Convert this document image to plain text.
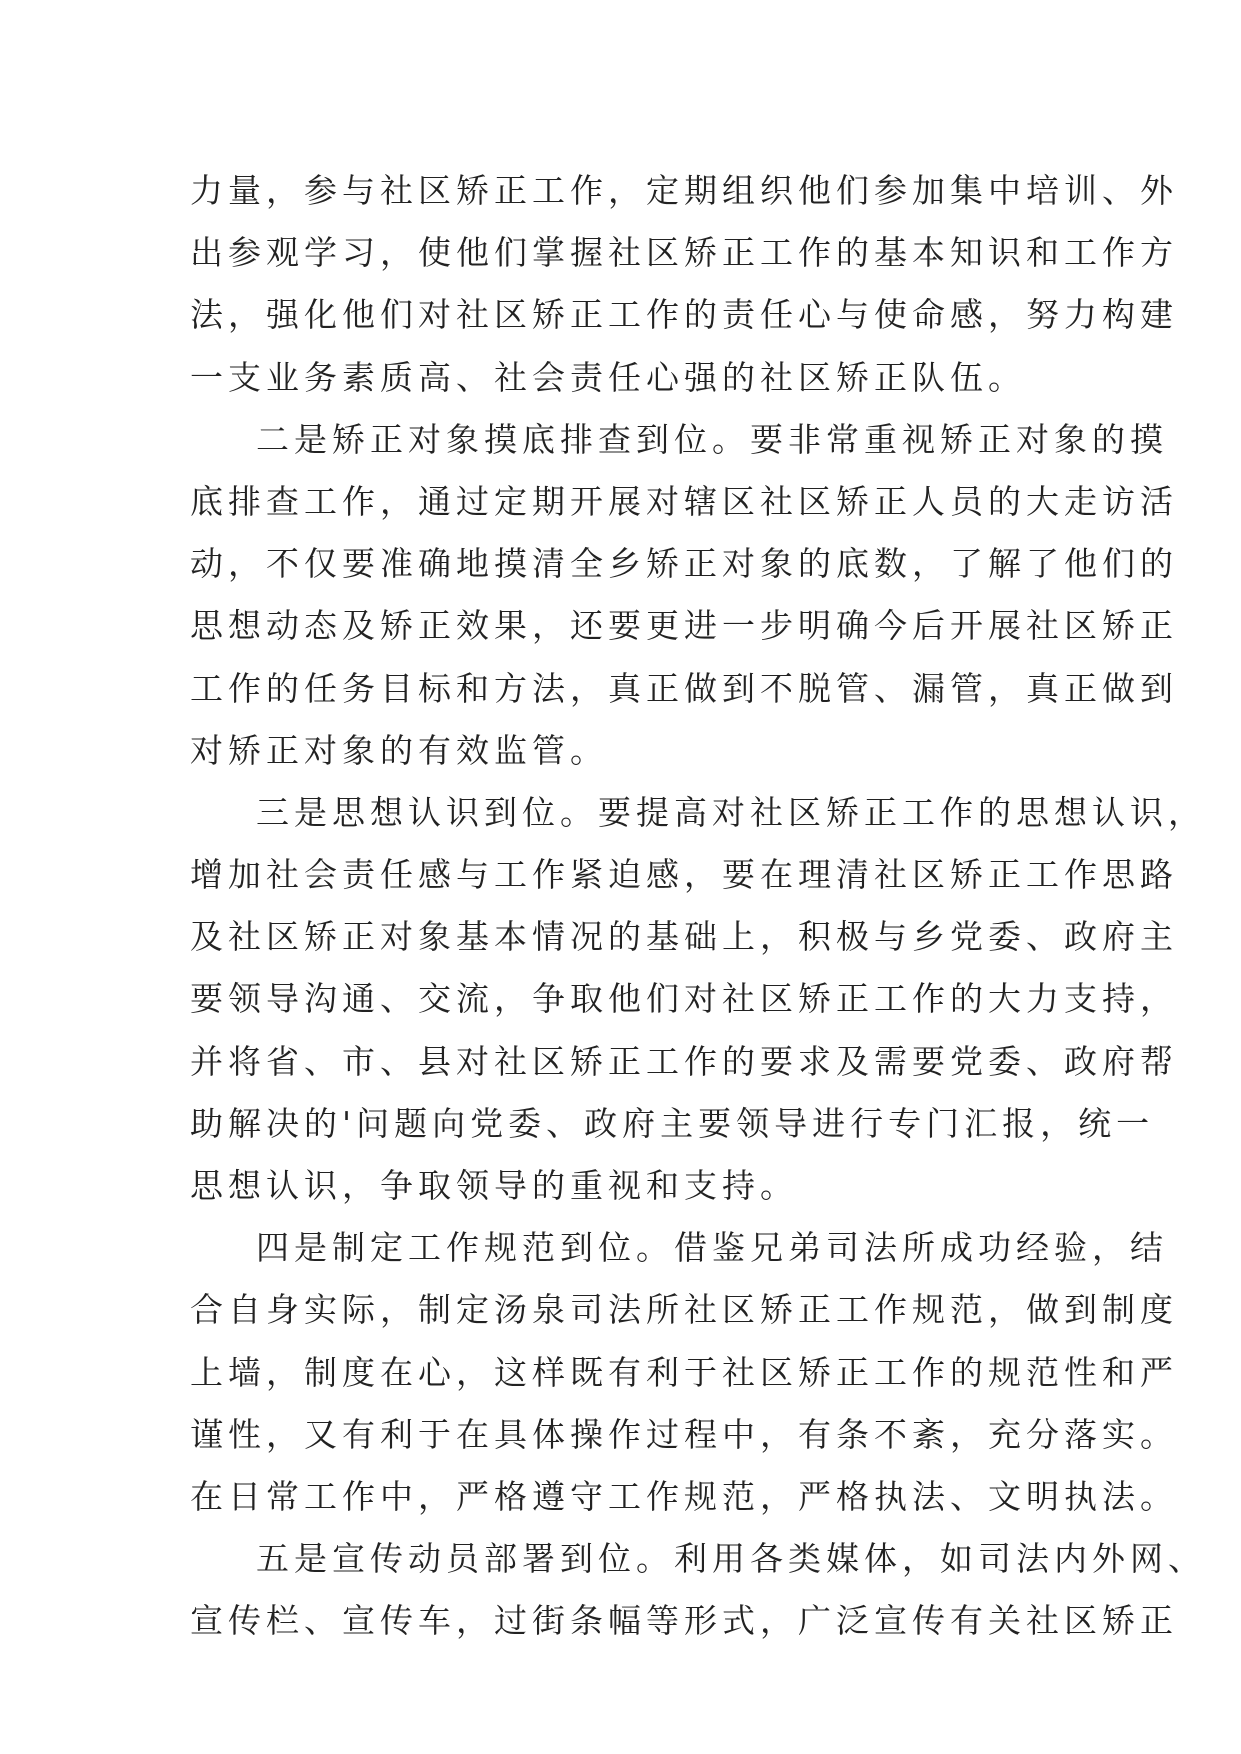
力量，参与社区矫正工作，定期组织他们参加集中培训、外
出参观学习，使他们掌握社区矫正工作的基本知识和工作方
法，强化他们对社区矫正工作的责任心与使命感，努力构建
一支业务素质高、社会责任心强的社区矫正队伍。
二是矫正对象摸底排查到位。要非常重视矫正对象的摸
底排查工作，通过定期开展对辖区社区矫正人员的大走访活
动，不仅要准确地摸清全乡矫正对象的底数，了解了他们的
思想动态及矫正效果，还要更进一步明确今后开展社区矫正
工作的任务目标和方法，真正做到不脱管、漏管，真正做到
对矫正对象的有效监管。
三是思想认识到位。要提高对社区矫正工作的思想认识，
增加社会责任感与工作紧迫感，要在理清社区矫正工作思路
及社区矫正对象基本情况的基础上，积极与乡党委、政府主
要领导沟通、交流，争取他们对社区矫正工作的大力支持，
并将省、市、县对社区矫正工作的要求及需要党委、政府帮
助解决的'问题向党委、政府主要领导进行专门汇报，统一
思想认识，争取领导的重视和支持。
四是制定工作规范到位。借鉴兄弟司法所成功经验，结
合自身实际，制定汤泉司法所社区矫正工作规范，做到制度
上墙，制度在心，这样既有利于社区矫正工作的规范性和严
谨性，又有利于在具体操作过程中，有条不紊，充分落实。
在日常工作中，严格遵守工作规范，严格执法、文明执法。
五是宣传动员部署到位。利用各类媒体，如司法内外网、
宣传栏、宣传车，过街条幅等形式，广泛宣传有关社区矫正
